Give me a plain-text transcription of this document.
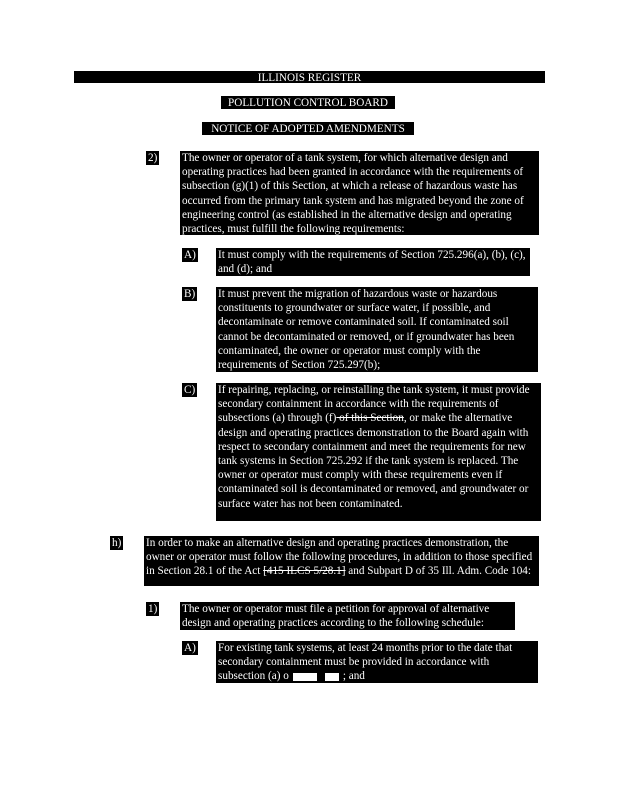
ILLINOIS REGISTER
POLLUTION CONTROL BOARD
NOTICE OF ADOPTED AMENDMENTS
2) The owner or operator of a tank system, for which alternative design and operating practices had been granted in accordance with the requirements of subsection (g)(1) of this Section, at which a release of hazardous waste has occurred from the primary tank system and has migrated beyond the zone of engineering control (as established in the alternative design and operating practices, must fulfill the following requirements:
A) It must comply with the requirements of Section 725.296(a), (b), (c), and (d); and
B) It must prevent the migration of hazardous waste or hazardous constituents to groundwater or surface water, if possible, and decontaminate or remove contaminated soil. If contaminated soil cannot be decontaminated or removed, or if groundwater has been contaminated, the owner or operator must comply with the requirements of Section 725.297(b);
C) If repairing, replacing, or reinstalling the tank system, it must provide secondary containment in accordance with the requirements of subsections (a) through (f) of this Section, or make the alternative design and operating practices demonstration to the Board again with respect to secondary containment and meet the requirements for new tank systems in Section 725.292 if the tank system is replaced. The owner or operator must comply with these requirements even if contaminated soil is decontaminated or removed, and groundwater or surface water has not been contaminated.
h) In order to make an alternative design and operating practices demonstration, the owner or operator must follow the following procedures, in addition to those specified in Section 28.1 of the Act [415 ILCS 5/28.1] and Subpart D of 35 Ill. Adm. Code 104:
1) The owner or operator must file a petition for approval of alternative design and operating practices according to the following schedule:
A) For existing tank systems, at least 24 months prior to the date that secondary containment must be provided in accordance with subsection (a) o	; and
